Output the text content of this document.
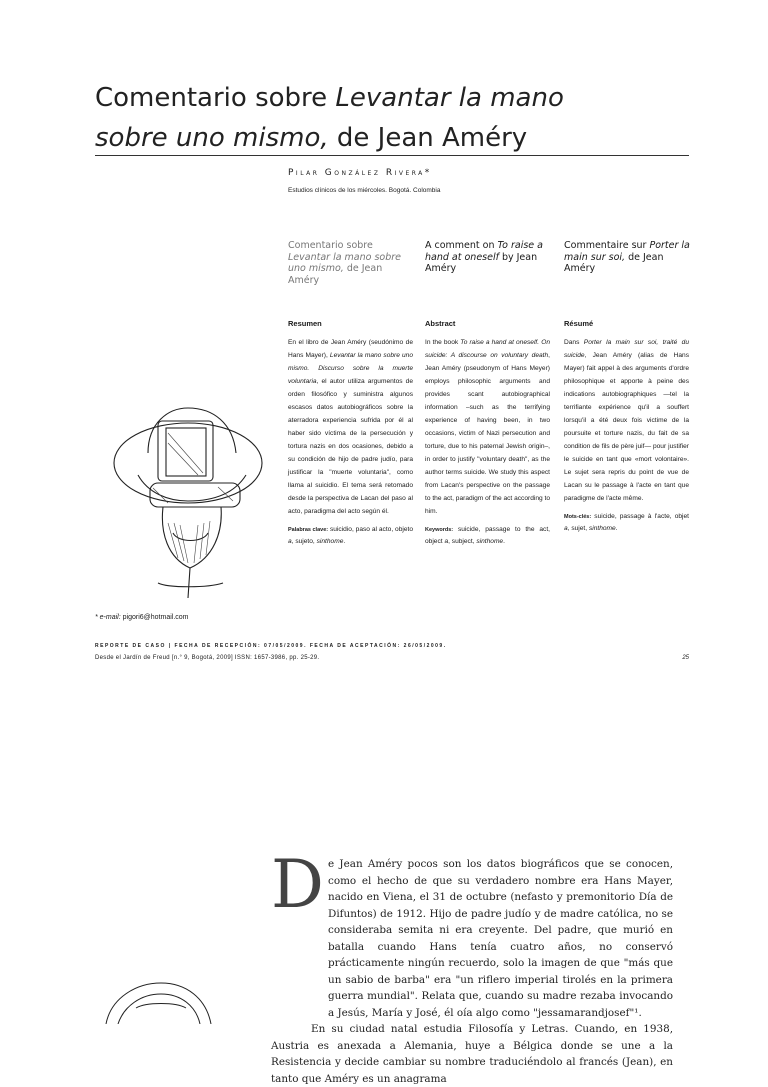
Comentario sobre Levantar la mano
sobre uno mismo, de Jean Améry
Pilar González Rivera*
Estudios clínicos de los miércoles. Bogotá. Colombia
Comentario sobre Levantar la mano sobre uno mismo, de Jean Améry
Resumen
En el libro de Jean Améry (seudónimo de Hans Mayer), Levantar la mano sobre uno mismo. Discurso sobre la muerte voluntaria, el autor utiliza argumentos de orden filosófico y suministra algunos escasos datos autobiográficos sobre la aterradora experiencia sufrida por él al haber sido víctima de la persecución y tortura nazis en dos ocasiones, debido a su condición de hijo de padre judío, para justificar la "muerte voluntaria", como llama al suicidio. El tema será retomado desde la perspectiva de Lacan del paso al acto, paradigma del acto según él.
Palabras clave: suicidio, paso al acto, objeto a, sujeto, sinthome.
A comment on To raise a hand at oneself by Jean Améry
Abstract
In the book To raise a hand at oneself. On suicide: A discourse on voluntary death, Jean Améry (pseudonym of Hans Meyer) employs philosophic arguments and provides scant autobiographical information –such as the terrifying experience of having been, in two occasions, victim of Nazi persecution and torture, due to his paternal Jewish origin–, in order to justify "voluntary death", as the author terms suicide. We study this aspect from Lacan's perspective on the passage to the act, paradigm of the act according to him.
Keywords: suicide, passage to the act, object a, subject, sinthome.
Commentaire sur Porter la main sur soi, de Jean Améry
Résumé
Dans Porter la main sur soi, traité du suicide, Jean Améry (alias de Hans Mayer) fait appel à des arguments d'ordre philosophique et apporte à peine des indications autobiographiques —tel la terrifiante expérience qu'il a souffert lorsqu'il a été deux fois victime de la poursuite et torture nazis, du fait de sa condition de fils de père juif— pour justifier le suicide en tant que «mort volontaire». Le sujet sera repris du point de vue de Lacan su le passage à l'acte en tant que paradigme de l'acte même.
Mots-clés: suicide, passage à l'acte, objet a, sujet, sinthome.
* e-mail: pigori6@hotmail.com
REPORTE DE CASO | FECHA DE RECEPCIÓN: 07/05/2009. FECHA DE ACEPTACIÓN: 26/05/2009.
Desde el Jardín de Freud [n.° 9, Bogotá, 2009] ISSN: 1657-3986, pp. 25-29.	25
D e Jean Améry pocos son los datos biográficos que se conocen, como el hecho de que su verdadero nombre era Hans Mayer, nacido en Viena, el 31 de octubre (nefasto y premonitorio Día de Difuntos) de 1912. Hijo de padre judío y de madre católica, no se consideraba semita ni era creyente. Del padre, que murió en batalla cuando Hans tenía cuatro años, no conservó prácticamente ningún recuerdo, solo la imagen de que "más que un sabio de barba" era "un riflero imperial tirolés en la primera guerra mundial". Relata que, cuando su madre rezaba invocando a Jesús, María y José, él oía algo como "jessamarandjosef"¹.

En su ciudad natal estudia Filosofía y Letras. Cuando, en 1938, Austria es anexada a Alemania, huye a Bélgica donde se une a la Resistencia y decide cambiar su nombre traduciéndolo al francés (Jean), en tanto que Améry es un anagrama
